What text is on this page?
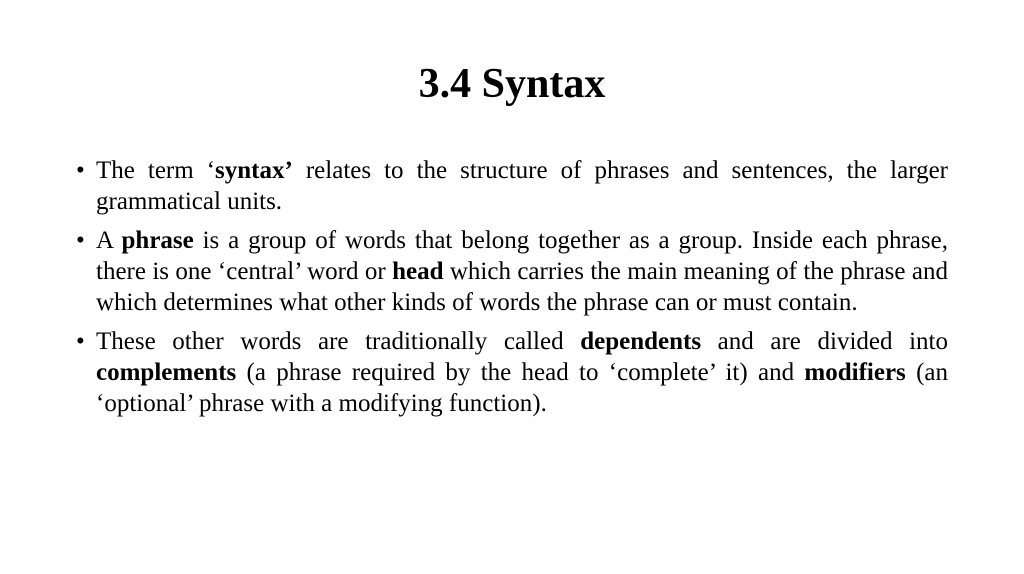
3.4 Syntax
• The term ‘syntax’ relates to the structure of phrases and sentences, the larger grammatical units.
• A phrase is a group of words that belong together as a group. Inside each phrase, there is one ‘central’ word or head which carries the main meaning of the phrase and which determines what other kinds of words the phrase can or must contain.
• These other words are traditionally called dependents and are divided into complements (a phrase required by the head to ‘complete’ it) and modifiers (an ‘optional’ phrase with a modifying function).
